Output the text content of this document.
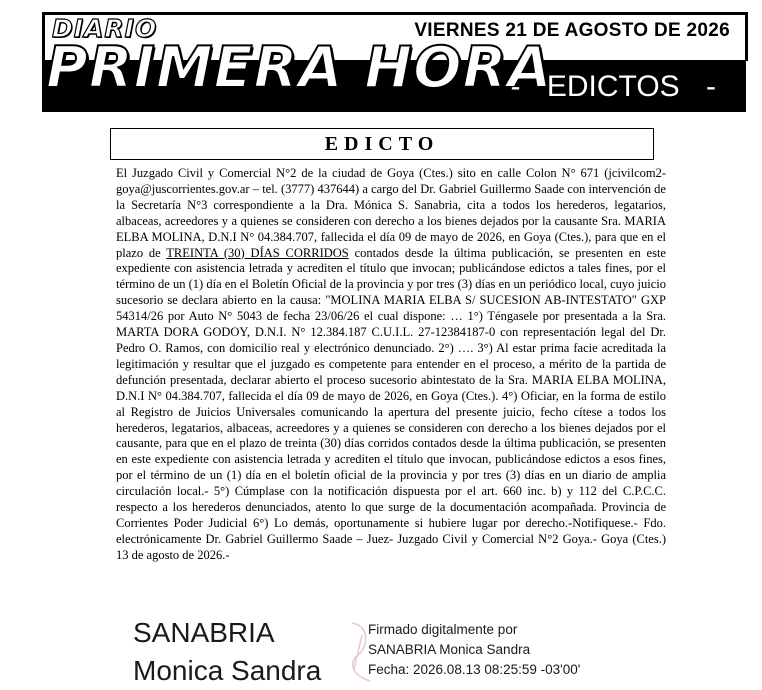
DIARIO	VIERNES 21 DE AGOSTO DE 2026
PRIMERA HORA
- EDICTOS -
EDICTO
El Juzgado Civil y Comercial N°2 de la ciudad de Goya (Ctes.) sito en calle Colon N° 671 (jcivilcom2-goya@juscorrientes.gov.ar – tel. (3777) 437644) a cargo del Dr. Gabriel Guillermo Saade con intervención de la Secretaría N°3 correspondiente a la Dra. Mónica S. Sanabria, cita a todos los herederos, legatarios, albaceas, acreedores y a quienes se consideren con derecho a los bienes dejados por la causante Sra. MARIA ELBA MOLINA, D.N.I N° 04.384.707, fallecida el día 09 de mayo de 2026, en Goya (Ctes.), para que en el plazo de TREINTA (30) DÍAS CORRIDOS contados desde la última publicación, se presenten en este expediente con asistencia letrada y acrediten el título que invocan; publicándose edictos a tales fines, por el término de un (1) día en el Boletín Oficial de la provincia y por tres (3) días en un periódico local, cuyo juicio sucesorio se declara abierto en la causa: "MOLINA MARIA ELBA S/ SUCESION AB-INTESTATO" GXP 54314/26 por Auto N° 5043 de fecha 23/06/26 el cual dispone: … 1°) Téngasele por presentada a la Sra. MARTA DORA GODOY, D.N.I. N° 12.384.187 C.U.I.L. 27-12384187-0 con representación legal del Dr. Pedro O. Ramos, con domicilio real y electrónico denunciado. 2°) …. 3°) Al estar prima facie acreditada la legitimación y resultar que el juzgado es competente para entender en el proceso, a mérito de la partida de defunción presentada, declarar abierto el proceso sucesorio abintestato de la Sra. MARIA ELBA MOLINA, D.N.I N° 04.384.707, fallecida el día 09 de mayo de 2026, en Goya (Ctes.). 4°) Oficiar, en la forma de estilo al Registro de Juicios Universales comunicando la apertura del presente juicio, fecho cítese a todos los herederos, legatarios, albaceas, acreedores y a quienes se consideren con derecho a los bienes dejados por el causante, para que en el plazo de treinta (30) días corridos contados desde la última publicación, se presenten en este expediente con asistencia letrada y acrediten el título que invocan, publicándose edictos a esos fines, por el término de un (1) día en el boletín oficial de la provincia y por tres (3) días en un diario de amplia circulación local.- 5°) Cúmplase con la notificación dispuesta por el art. 660 inc. b) y 112 del C.P.C.C. respecto a los herederos denunciados, atento lo que surge de la documentación acompañada. Provincia de Corrientes Poder Judicial 6°) Lo demás, oportunamente si hubiere lugar por derecho.-Notifiquese.- Fdo. electrónicamente Dr. Gabriel Guillermo Saade – Juez- Juzgado Civil y Comercial N°2 Goya.- Goya (Ctes.) 13 de agosto de 2026.-
SANABRIA
Monica Sandra
Firmado digitalmente por
SANABRIA Monica Sandra
Fecha: 2026.08.13 08:25:59 -03'00'
